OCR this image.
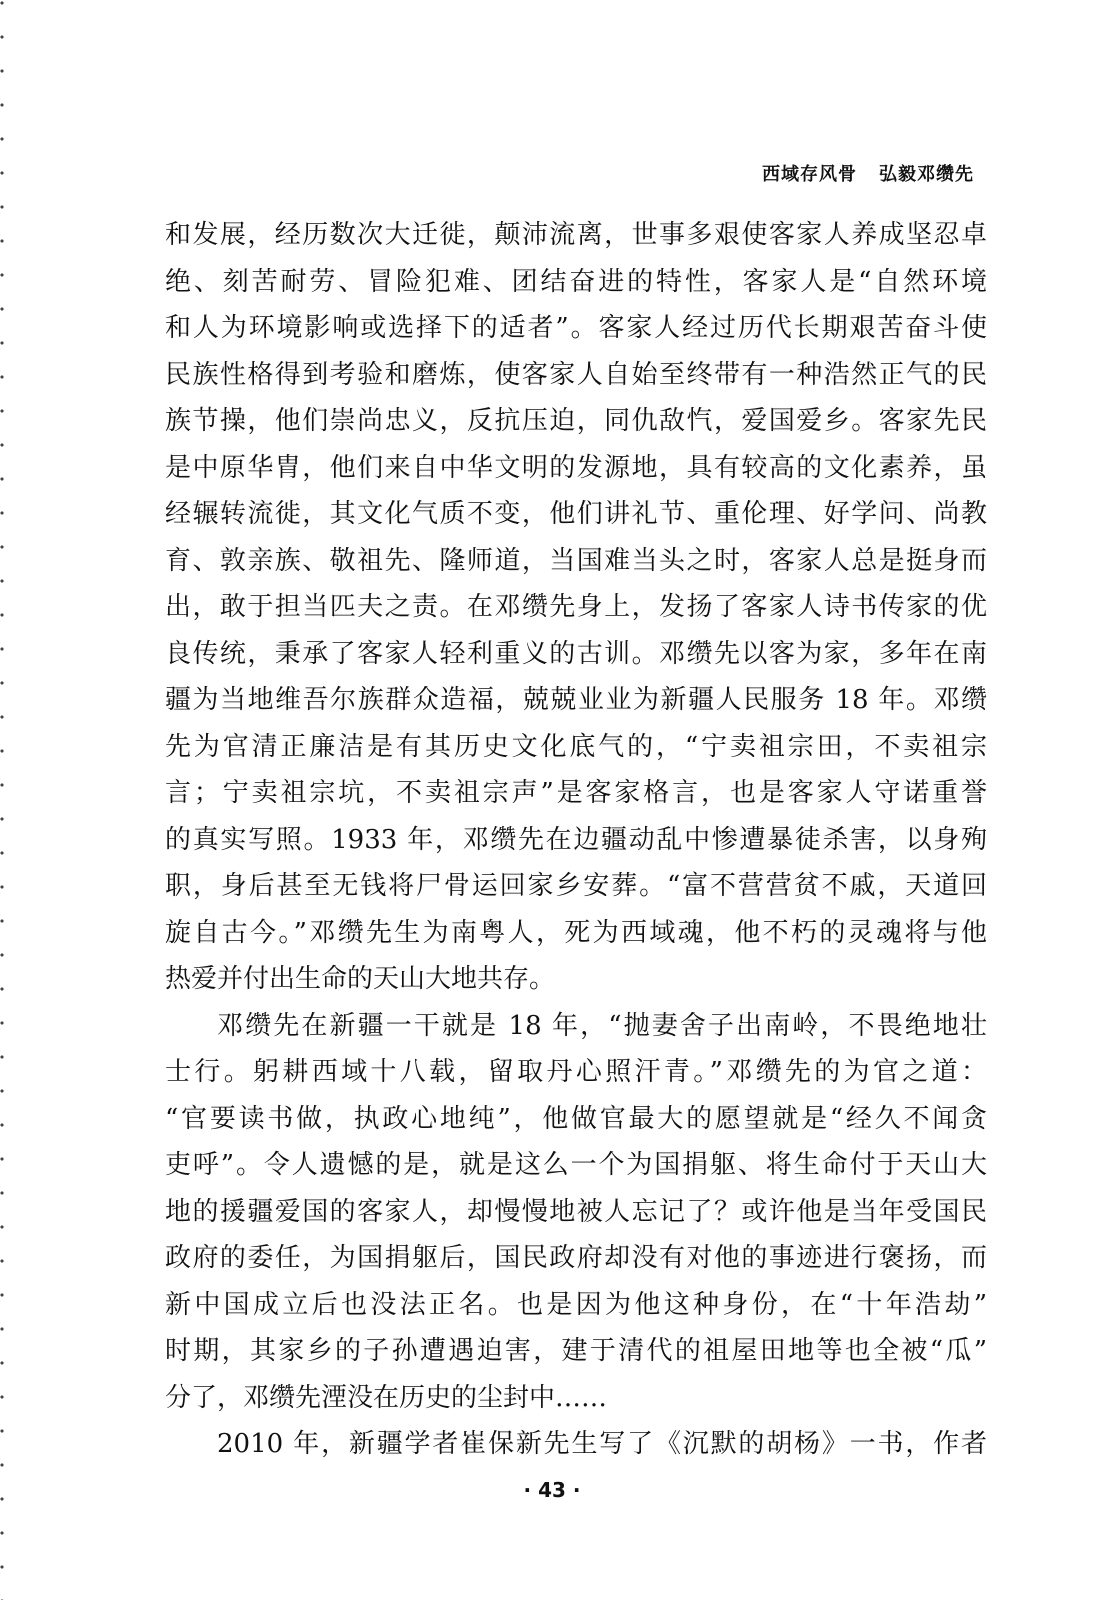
西域存风骨 弘毅邓缵先
和发展，经历数次大迁徙，颠沛流离，世事多艰使客家人养成坚忍卓
绝、刻苦耐劳、冒险犯难、团结奋进的特性，客家人是“自然环境
和人为环境影响或选择下的适者”。客家人经过历代长期艰苦奋斗使
民族性格得到考验和磨炼，使客家人自始至终带有一种浩然正气的民
族节操，他们崇尚忠义，反抗压迫，同仇敌忾，爱国爱乡。客家先民
是中原华胄，他们来自中华文明的发源地，具有较高的文化素养，虽
经辗转流徙，其文化气质不变，他们讲礼节、重伦理、好学问、尚教
育、敦亲族、敬祖先、隆师道，当国难当头之时，客家人总是挺身而
出，敢于担当匹夫之责。在邓缵先身上，发扬了客家人诗书传家的优
良传统，秉承了客家人轻利重义的古训。邓缵先以客为家，多年在南
疆为当地维吾尔族群众造福，兢兢业业为新疆人民服务 18 年。邓缵
先为官清正廉洁是有其历史文化底气的，“宁卖祖宗田，不卖祖宗
言；宁卖祖宗坑，不卖祖宗声”是客家格言，也是客家人守诺重誉
的真实写照。1933 年，邓缵先在边疆动乱中惨遭暴徒杀害，以身殉
职，身后甚至无钱将尸骨运回家乡安葬。“富不营营贫不戚，天道回
旋自古今。”邓缵先生为南粤人，死为西域魂，他不朽的灵魂将与他
热爱并付出生命的天山大地共存。
邓缵先在新疆一干就是 18 年，“抛妻舍子出南岭，不畏绝地壮
士行。躬耕西域十八载，留取丹心照汗青。”邓缵先的为官之道：
“官要读书做，执政心地纯”，他做官最大的愿望就是“经久不闻贪
吏呼”。令人遗憾的是，就是这么一个为国捐躯、将生命付于天山大
地的援疆爱国的客家人，却慢慢地被人忘记了？或许他是当年受国民
政府的委任，为国捐躯后，国民政府却没有对他的事迹进行褒扬，而
新中国成立后也没法正名。也是因为他这种身份，在“十年浩劫”
时期，其家乡的子孙遭遇迫害，建于清代的祖屋田地等也全被“瓜”
分了，邓缵先湮没在历史的尘封中……
2010 年，新疆学者崔保新先生写了《沉默的胡杨》一书，作者
· 43 ·
